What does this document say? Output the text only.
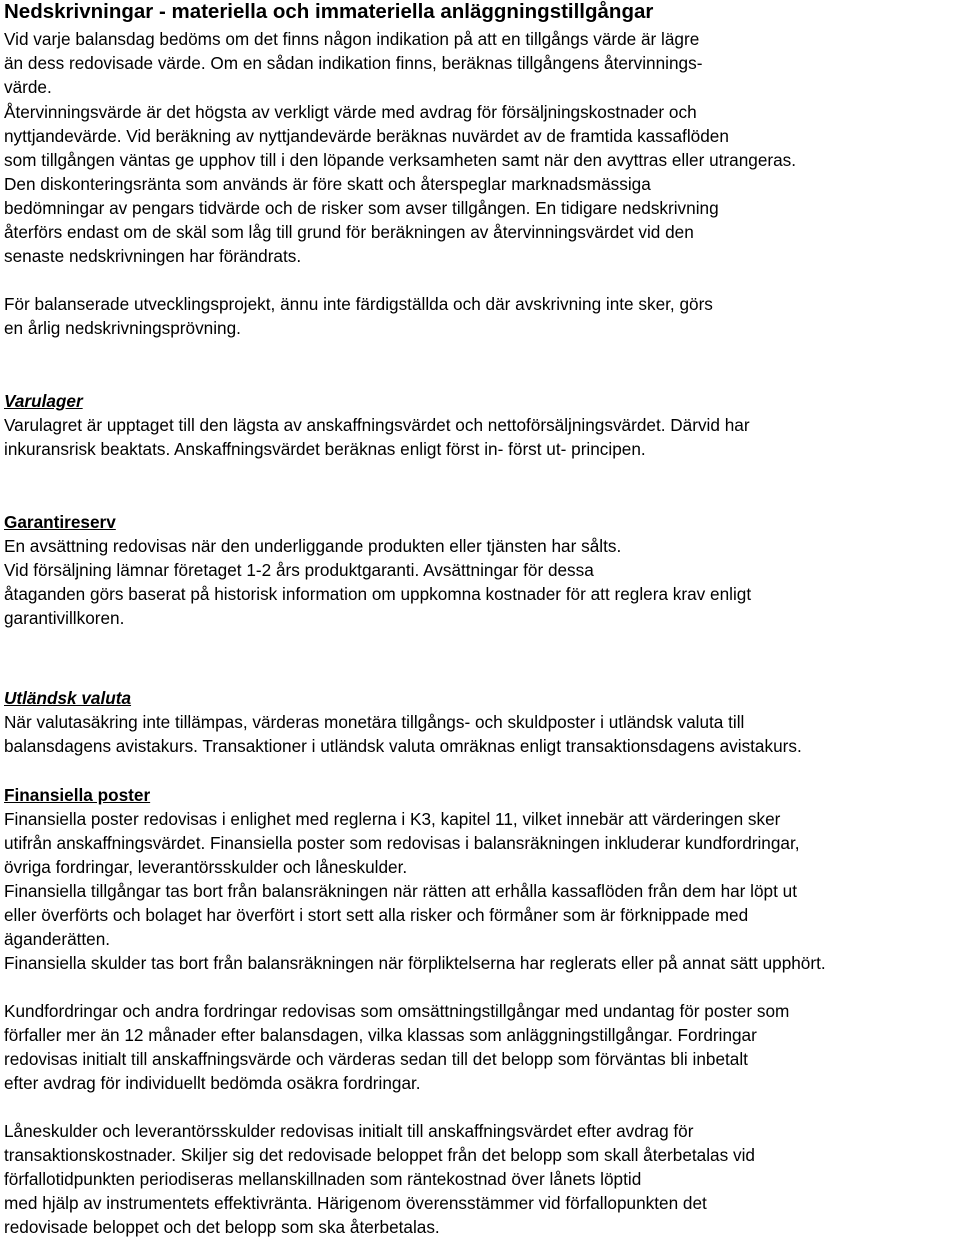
Nedskrivningar - materiella och immateriella anläggningstillgångar
Vid varje balansdag bedöms om det finns någon indikation på att en tillgångs värde är lägre
än dess redovisade värde. Om en sådan indikation finns, beräknas tillgångens återvinnings-
värde.
Återvinningsvärde är det högsta av verkligt värde med avdrag för försäljningskostnader och
nyttjandevärde. Vid beräkning av nyttjandevärde beräknas nuvärdet av de framtida kassaflöden
som tillgången väntas ge upphov till i den löpande verksamheten samt när den avyttras eller utrangeras.
Den diskonteringsränta som används är före skatt och återspeglar marknadsmässiga
bedömningar av pengars tidvärde och de risker som avser tillgången. En tidigare nedskrivning
återförs endast om de skäl som låg till grund för beräkningen av återvinningsvärdet vid den
senaste nedskrivningen har förändrats.
För balanserade utvecklingsprojekt, ännu inte färdigställda och där avskrivning inte sker, görs
en årlig nedskrivningsprövning.
Varulager
Varulagret är upptaget till den lägsta av anskaffningsvärdet och nettoförsäljningsvärdet. Därvid har
inkuransrisk beaktats. Anskaffningsvärdet beräknas enligt först in- först ut- principen.
Garantireserv
En avsättning redovisas när den underliggande produkten eller tjänsten har sålts.
Vid försäljning lämnar företaget 1-2 års produktgaranti. Avsättningar för dessa
åtaganden görs baserat på historisk information om uppkomna kostnader för att reglera krav enligt
garantivillkoren.
Utländsk valuta
När valutasäkring inte tillämpas, värderas monetära tillgångs- och skuldposter i utländsk valuta till
balansdagens avistakurs. Transaktioner i utländsk valuta omräknas enligt transaktionsdagens avistakurs.
Finansiella poster
Finansiella poster redovisas i enlighet med reglerna i K3, kapitel 11, vilket innebär att värderingen sker
utifrån anskaffningsvärdet. Finansiella poster som redovisas i balansräkningen inkluderar kundfordringar,
övriga fordringar, leverantörsskulder och låneskulder.
Finansiella tillgångar tas bort från balansräkningen när rätten att erhålla kassaflöden från dem har löpt ut
eller överförts och bolaget har överfört i stort sett alla risker och förmåner som är förknippade med
äganderätten.
Finansiella skulder tas bort från balansräkningen när förpliktelserna har reglerats eller på annat sätt upphört.
Kundfordringar och andra fordringar redovisas som omsättningstillgångar med undantag för poster som
förfaller mer än 12 månader efter balansdagen, vilka klassas som anläggningstillgångar. Fordringar
redovisas initialt till anskaffningsvärde och värderas sedan till det belopp som förväntas bli inbetalt
efter avdrag för individuellt bedömda osäkra fordringar.
Låneskulder och leverantörsskulder redovisas initialt till anskaffningsvärdet efter avdrag för
transaktionskostnader. Skiljer sig det redovisade beloppet från det belopp som skall återbetalas vid
förfallotidpunkten periodiseras mellanskillnaden som räntekostnad över lånets löptid
med hjälp av instrumentets effektivränta. Härigenom överensstämmer vid förfallopunkten det
redovisade beloppet och det belopp som ska återbetalas.
